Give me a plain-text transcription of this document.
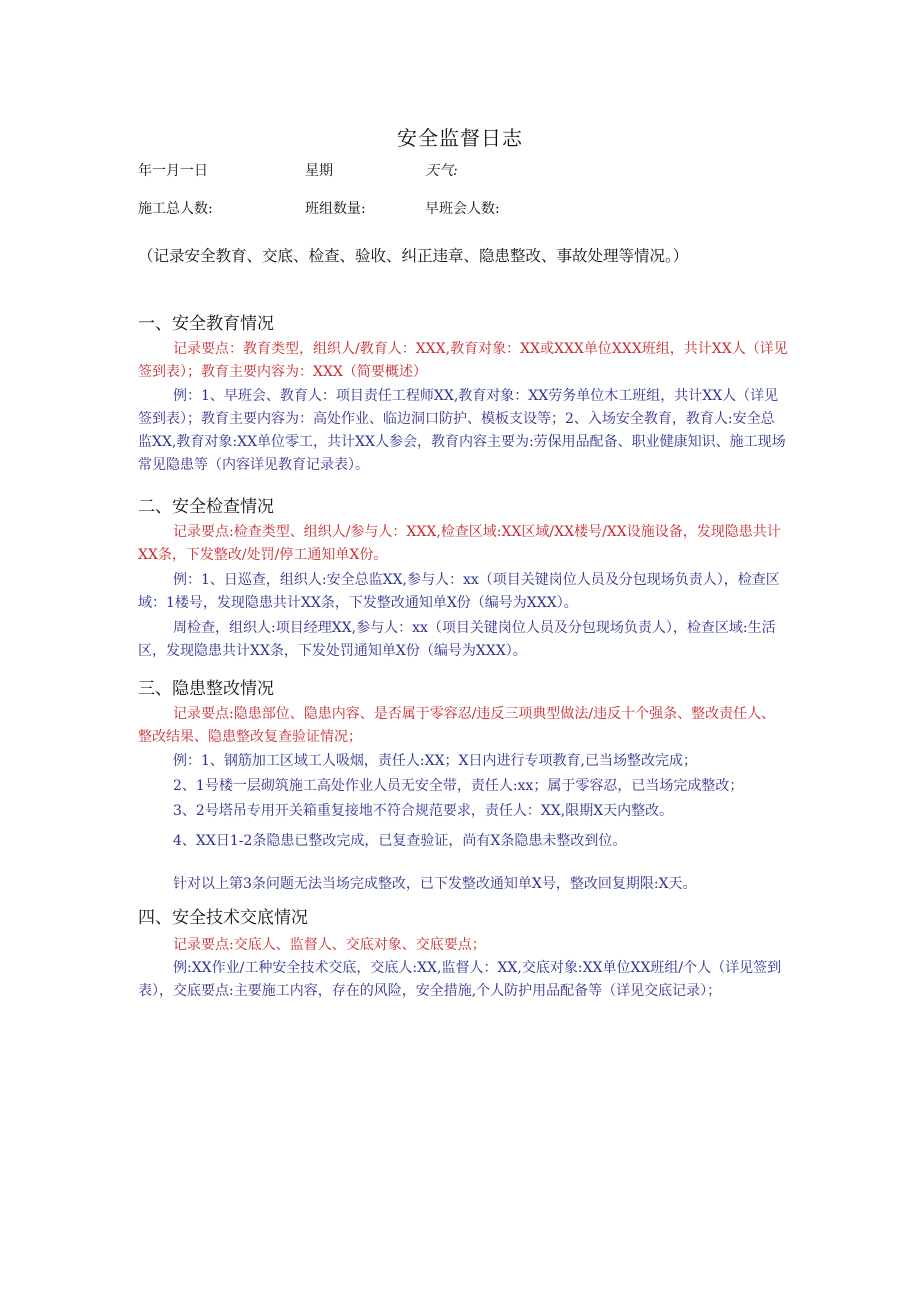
安全监督日志
年一月一日	星期	天气:
施工总人数:	班组数量:	早班会人数:
（记录安全教育、交底、检查、验收、纠正违章、隐患整改、事故处理等情况。）
一、安全教育情况
记录要点：教育类型，组织人/教育人：XXX,教育对象：XX或XXX单位XXX班组，共计XX人（详见签到表）；教育主要内容为：XXX（简要概述）
例：1、早班会、教育人：项目责任工程师XX,教育对象：XX劳务单位木工班组，共计XX人（详见签到表）；教育主要内容为：高处作业、临边洞口防护、模板支设等；2、入场安全教育，教育人:安全总监XX,教育对象:XX单位零工，共计XX人参会，教育内容主要为:劳保用品配备、职业健康知识、施工现场常见隐患等（内容详见教育记录表）。
二、安全检查情况
记录要点:检查类型、组织人/参与人：XXX,检查区域:XX区域/XX楼号/XX设施设备，发现隐患共计XX条，下发整改/处罚/停工通知单X份。
例：1、日巡查，组织人:安全总监XX,参与人：xx（项目关键岗位人员及分包现场负责人），检查区域：1楼号，发现隐患共计XX条，下发整改通知单X份（编号为XXX）。
周检查，组织人:项目经理XX,参与人：xx（项目关键岗位人员及分包现场负责人），检查区域:生活区，发现隐患共计XX条，下发处罚通知单X份（编号为XXX）。
三、隐患整改情况
记录要点:隐患部位、隐患内容、是否属于零容忍/违反三项典型做法/违反十个强条、整改责任人、整改结果、隐患整改复查验证情况；
例：1、钢筋加工区域工人吸烟，责任人:XX；X日内进行专项教育,已当场整改完成；
2、1号楼一层砌筑施工高处作业人员无安全带，责任人:xx；属于零容忍，已当场完成整改；
3、2号塔吊专用开关箱重复接地不符合规范要求，责任人：XX,限期X天内整改。
4、XX日1-2条隐患已整改完成，已复查验证，尚有X条隐患未整改到位。
针对以上第3条问题无法当场完成整改，已下发整改通知单X号，整改回复期限:X天。
四、安全技术交底情况
记录要点:交底人、监督人、交底对象、交底要点；
例:XX作业/工种安全技术交底，交底人:XX,监督人：XX,交底对象:XX单位XX班组/个人（详见签到表），交底要点:主要施工内容，存在的风险，安全措施,个人防护用品配备等（详见交底记录）；
